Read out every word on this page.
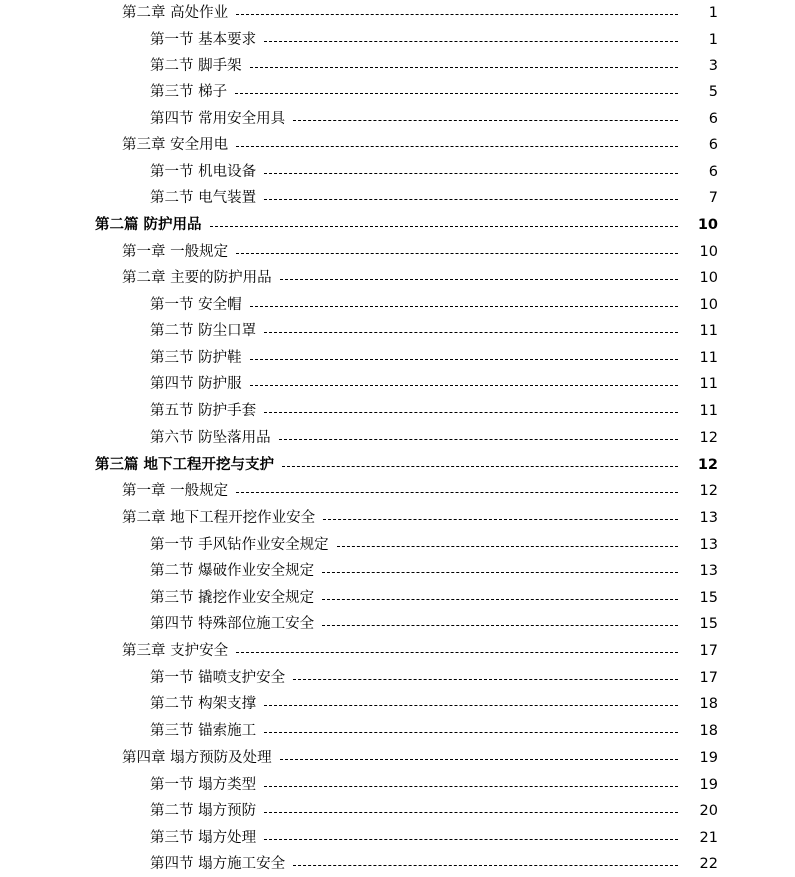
第二章 高处作业	1
第一节 基本要求	1
第二节 脚手架	3
第三节 梯子	5
第四节 常用安全用具	6
第三章 安全用电	6
第一节 机电设备	6
第二节 电气装置	7
第二篇 防护用品	10
第一章 一般规定	10
第二章 主要的防护用品	10
第一节 安全帽	10
第二节 防尘口罩	11
第三节 防护鞋	11
第四节 防护服	11
第五节 防护手套	11
第六节 防坠落用品	12
第三篇 地下工程开挖与支护	12
第一章 一般规定	12
第二章 地下工程开挖作业安全	13
第一节 手风钻作业安全规定	13
第二节 爆破作业安全规定	13
第三节 撬挖作业安全规定	15
第四节 特殊部位施工安全	15
第三章 支护安全	17
第一节 锚喷支护安全	17
第二节 构架支撑	18
第三节 锚索施工	18
第四章 塌方预防及处理	19
第一节 塌方类型	19
第二节 塌方预防	20
第三节 塌方处理	21
第四节 塌方施工安全	22
